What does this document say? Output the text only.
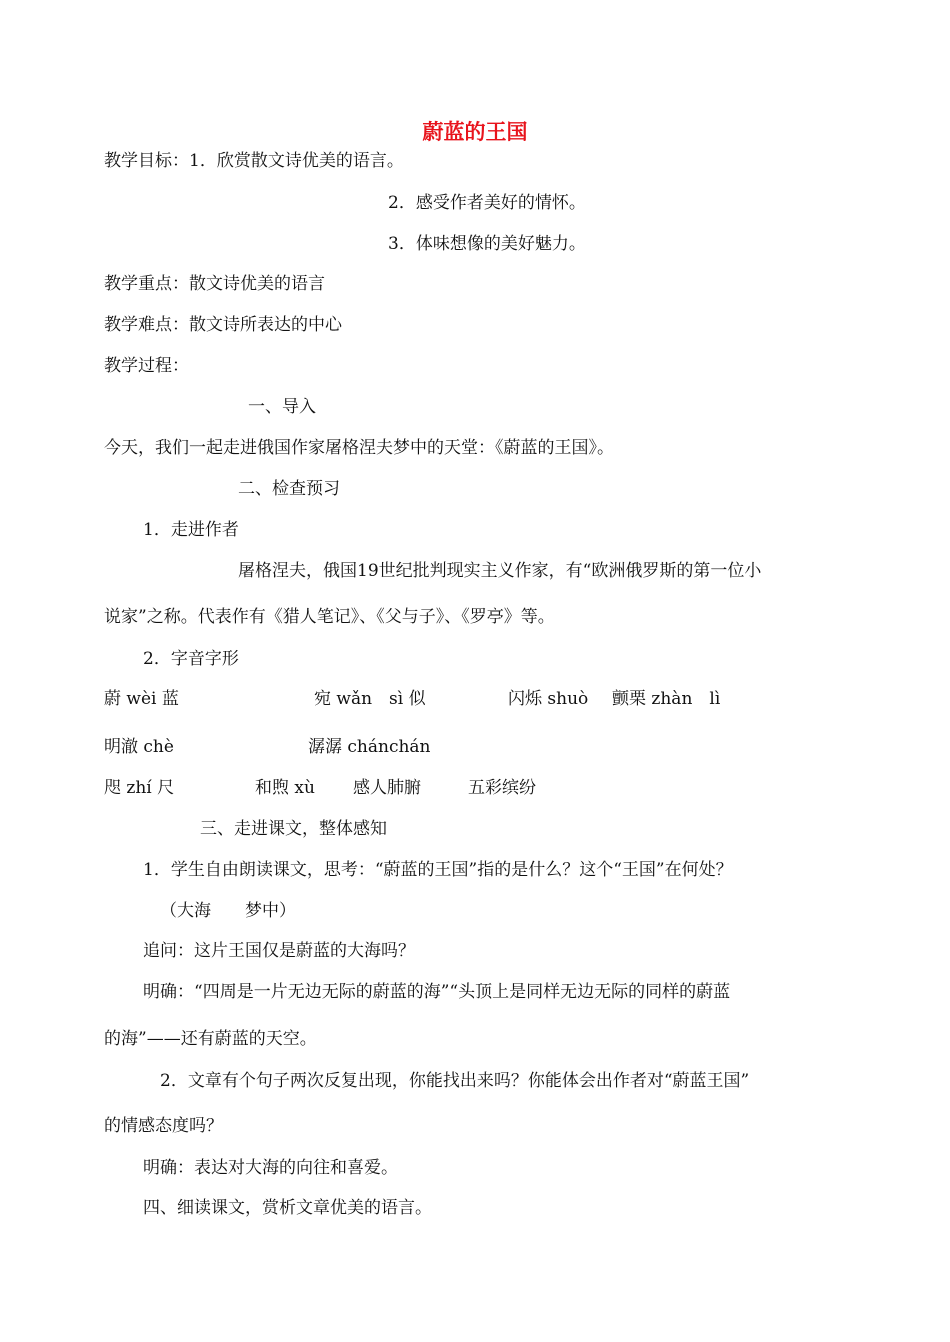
蔚蓝的王国
教学目标：1．欣赏散文诗优美的语言。
2．感受作者美好的情怀。
3．体味想像的美好魅力。
教学重点：散文诗优美的语言
教学难点：散文诗所表达的中心
教学过程：
一、导入
今天，我们一起走进俄国作家屠格涅夫梦中的天堂：《蔚蓝的王国》。
二、检查预习
1．走进作者
屠格涅夫，俄国19世纪批判现实主义作家，有“欧洲俄罗斯的第一位小
说家”之称。代表作有《猎人笔记》、《父与子》、《罗亭》等。
2．字音字形
蔚 wèi 蓝	宛 wǎn　sì 似	闪烁 shuò 颤栗 zhàn　lì
明澈 chè	潺潺 chánchán
咫 zhí 尺	和煦 xù 感人肺腑	五彩缤纷
三、走进课文，整体感知
1．学生自由朗读课文，思考：“蔚蓝的王国”指的是什么？这个“王国”在何处？
（大海　　梦中）
追问：这片王国仅是蔚蓝的大海吗？
明确：“四周是一片无边无际的蔚蓝的海”“头顶上是同样无边无际的同样的蔚蓝
的海”——还有蔚蓝的天空。
2．文章有个句子两次反复出现，你能找出来吗？你能体会出作者对“蔚蓝王国”
的情感态度吗？
明确：表达对大海的向往和喜爱。
四、细读课文，赏析文章优美的语言。
